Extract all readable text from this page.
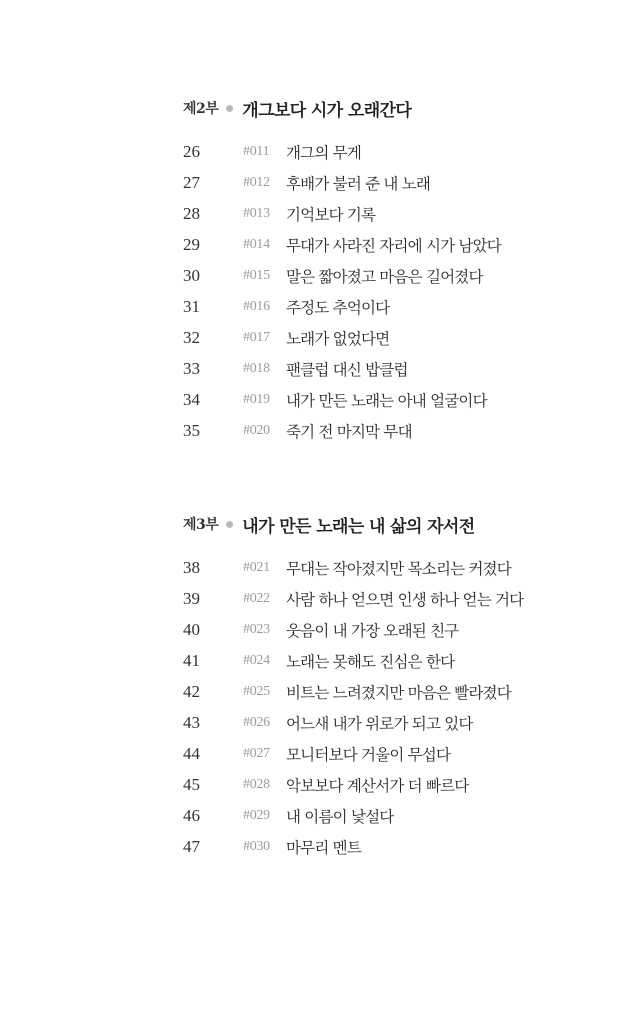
제2부 개그보다 시가 오래간다
26	#011	개그의 무게
27	#012	후배가 불러 준 내 노래
28	#013	기억보다 기록
29	#014	무대가 사라진 자리에 시가 남았다
30	#015	말은 짧아졌고 마음은 길어졌다
31	#016	주정도 추억이다
32	#017	노래가 없었다면
33	#018	팬클럽 대신 밥클럽
34	#019	내가 만든 노래는 아내 얼굴이다
35	#020	죽기 전 마지막 무대
제3부 내가 만든 노래는 내 삶의 자서전
38	#021	무대는 작아졌지만 목소리는 커졌다
39	#022	사람 하나 얻으면 인생 하나 얻는 거다
40	#023	웃음이 내 가장 오래된 친구
41	#024	노래는 못해도 진심은 한다
42	#025	비트는 느려졌지만 마음은 빨라졌다
43	#026	어느새 내가 위로가 되고 있다
44	#027	모니터보다 거울이 무섭다
45	#028	악보보다 계산서가 더 빠르다
46	#029	내 이름이 낯설다
47	#030	마무리 멘트
